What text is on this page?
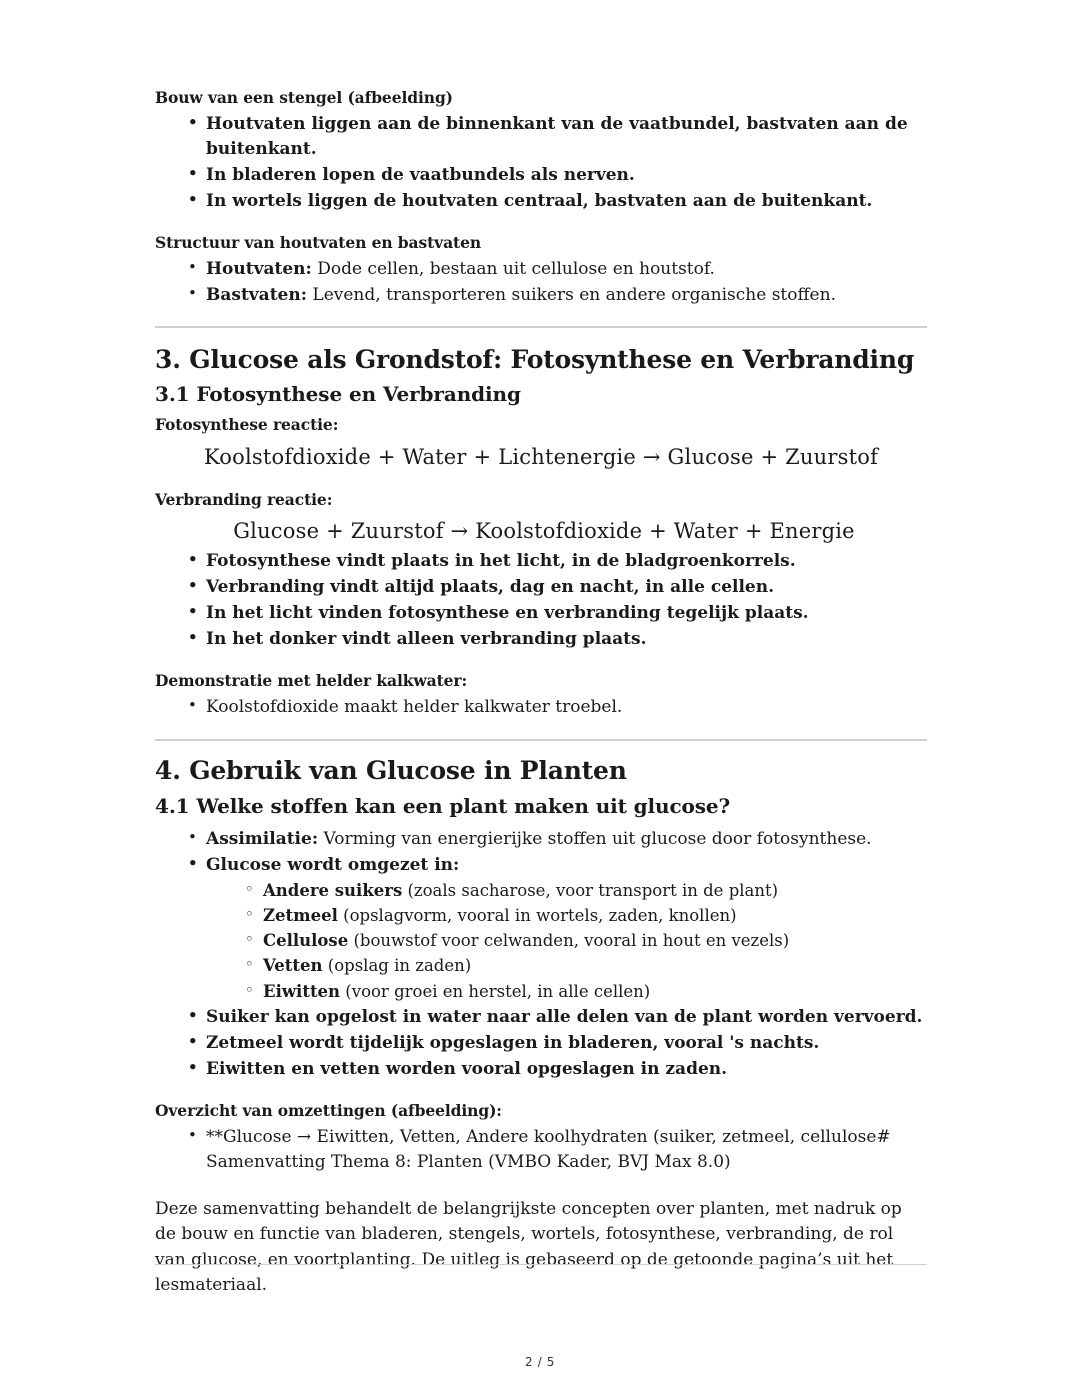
Bouw van een stengel (afbeelding)
• Houtvaten liggen aan de binnenkant van de vaatbundel, bastvaten aan de buitenkant.
• In bladeren lopen de vaatbundels als nerven.
• In wortels liggen de houtvaten centraal, bastvaten aan de buitenkant.
Structuur van houtvaten en bastvaten
• Houtvaten: Dode cellen, bestaan uit cellulose en houtstof.
• Bastvaten: Levend, transporteren suikers en andere organische stoffen.
3. Glucose als Grondstof: Fotosynthese en Verbranding
3.1 Fotosynthese en Verbranding
Fotosynthese reactie:
Koolstofdioxide + Water + Lichtenergie → Glucose + Zuurstof
Verbranding reactie:
Glucose + Zuurstof → Koolstofdioxide + Water + Energie
• Fotosynthese vindt plaats in het licht, in de bladgroenkorrels.
• Verbranding vindt altijd plaats, dag en nacht, in alle cellen.
• In het licht vinden fotosynthese en verbranding tegelijk plaats.
• In het donker vindt alleen verbranding plaats.
Demonstratie met helder kalkwater:
• Koolstofdioxide maakt helder kalkwater troebel.
4. Gebruik van Glucose in Planten
4.1 Welke stoffen kan een plant maken uit glucose?
• Assimilatie: Vorming van energierijke stoffen uit glucose door fotosynthese.
• Glucose wordt omgezet in:
◦ Andere suikers (zoals sacharose, voor transport in de plant)
◦ Zetmeel (opslagvorm, vooral in wortels, zaden, knollen)
◦ Cellulose (bouwstof voor celwanden, vooral in hout en vezels)
◦ Vetten (opslag in zaden)
◦ Eiwitten (voor groei en herstel, in alle cellen)
• Suiker kan opgelost in water naar alle delen van de plant worden vervoerd.
• Zetmeel wordt tijdelijk opgeslagen in bladeren, vooral 's nachts.
• Eiwitten en vetten worden vooral opgeslagen in zaden.
Overzicht van omzettingen (afbeelding):
• **Glucose → Eiwitten, Vetten, Andere koolhydraten (suiker, zetmeel, cellulose# Samenvatting Thema 8: Planten (VMBO Kader, BVJ Max 8.0)

Deze samenvatting behandelt de belangrijkste concepten over planten, met nadruk op de bouw en functie van bladeren, stengels, wortels, fotosynthese, verbranding, de rol van glucose, en voortplanting. De uitleg is gebaseerd op de getoonde pagina’s uit het lesmateriaal.

2 / 5
